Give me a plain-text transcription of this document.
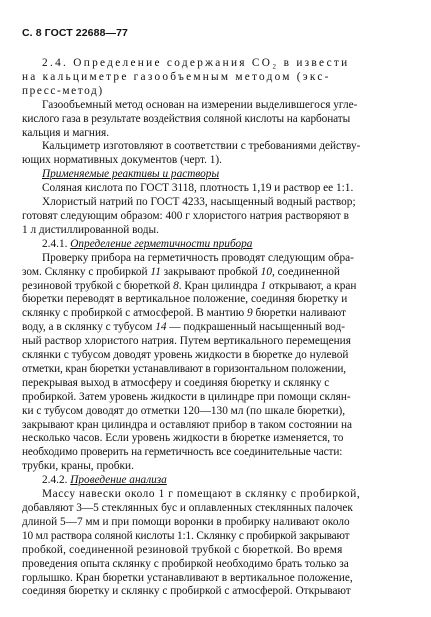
С. 8 ГОСТ 22688—77
2.4. Определение содержания CO₂ в извести
на кальциметре газообъемным методом (экс-
пресс-метод)
Газообъемный метод основан на измерении выделившегося угле-
кислого газа в результате воздействия соляной кислоты на карбонаты
кальция и магния.
Кальциметр изготовляют в соответствии с требованиями действу-
ющих нормативных документов (черт. 1).
Применяемые реактивы и растворы
Соляная кислота по ГОСТ 3118, плотность 1,19 и раствор ее 1:1.
Хлористый натрий по ГОСТ 4233, насыщенный водный раствор;
готовят следующим образом: 400 г хлористого натрия растворяют в
1 л дистиллированной воды.
2.4.1. Определение герметичности прибора
Проверку прибора на герметичность проводят следующим обра-
зом. Склянку с пробиркой 11 закрывают пробкой 10, соединенной
резиновой трубкой с бюреткой 8. Кран цилиндра 1 открывают, а кран
бюретки переводят в вертикальное положение, соединяя бюретку и
склянку с пробиркой с атмосферой. В мантию 9 бюретки наливают
воду, а в склянку с тубусом 14 — подкрашенный насыщенный вод-
ный раствор хлористого натрия. Путем вертикального перемещения
склянки с тубусом доводят уровень жидкости в бюретке до нулевой
отметки, кран бюретки устанавливают в горизонтальном положении,
перекрывая выход в атмосферу и соединяя бюретку и склянку с
пробиркой. Затем уровень жидкости в цилиндре при помощи склян-
ки с тубусом доводят до отметки 120—130 мл (по шкале бюретки),
закрывают кран цилиндра и оставляют прибор в таком состоянии на
несколько часов. Если уровень жидкости в бюретке изменяется, то
необходимо проверить на герметичность все соединительные части:
трубки, краны, пробки.
2.4.2. Проведение анализа
Массу навески около 1 г помещают в склянку с пробиркой,
добавляют 3—5 стеклянных бус и оплавленных стеклянных палочек
длиной 5—7 мм и при помощи воронки в пробирку наливают около
10 мл раствора соляной кислоты 1:1. Склянку с пробиркой закрывают
пробкой, соединенной резиновой трубкой с бюреткой. Во время
проведения опыта склянку с пробиркой необходимо брать только за
горлышко. Кран бюретки устанавливают в вертикальное положение,
соединяя бюретку и склянку с пробиркой с атмосферой. Открывают
